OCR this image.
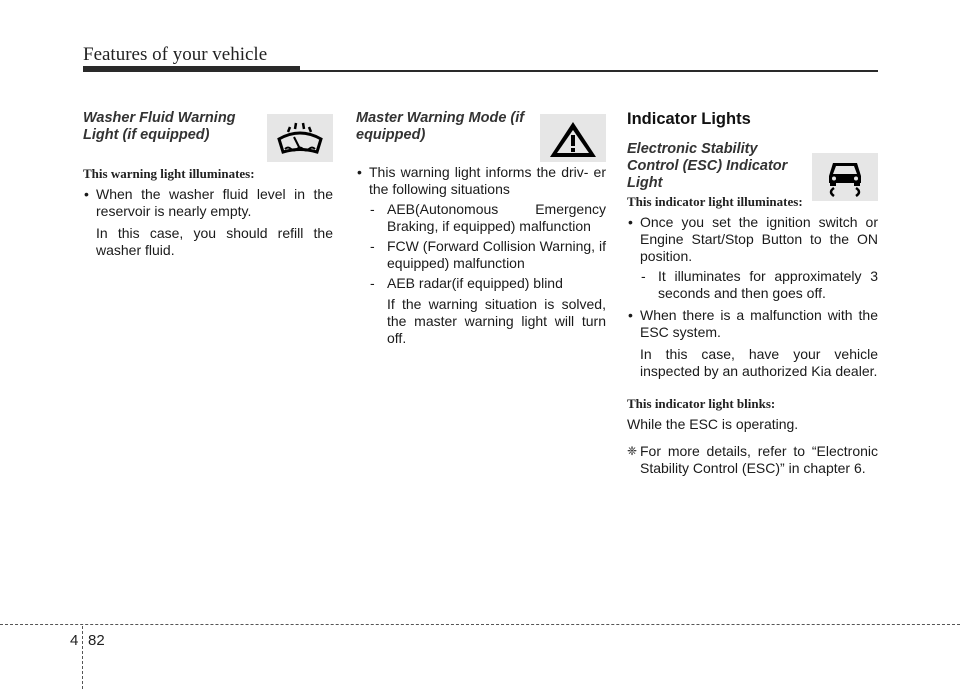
Features of your vehicle
Washer Fluid Warning Light (if equipped)
This warning light illuminates:

• When the washer fluid level in the reservoir is nearly empty.

In this case, you should refill the washer fluid.

Master Warning Mode (if equipped)

• This warning light informs the driv- er the following situations

- AEB(Autonomous Emergency Braking, if equipped) malfunction

- FCW (Forward Collision Warning, if equipped) malfunction

- AEB radar(if equipped) blind

If the warning situation is solved, the master warning light will turn off.

Indicator Lights
Electronic Stability Control (ESC) Indicator Light
This indicator light illuminates:

• Once you set the ignition switch or Engine Start/Stop Button to the ON position.

- It illuminates for approximately 3 seconds and then goes off.

• When there is a malfunction with the ESC system.

In this case, have your vehicle inspected by an authorized Kia dealer.

This indicator light blinks:

While the ESC is operating.

❈ For more details, refer to “Electronic Stability Control (ESC)” in chapter 6.

4 82
